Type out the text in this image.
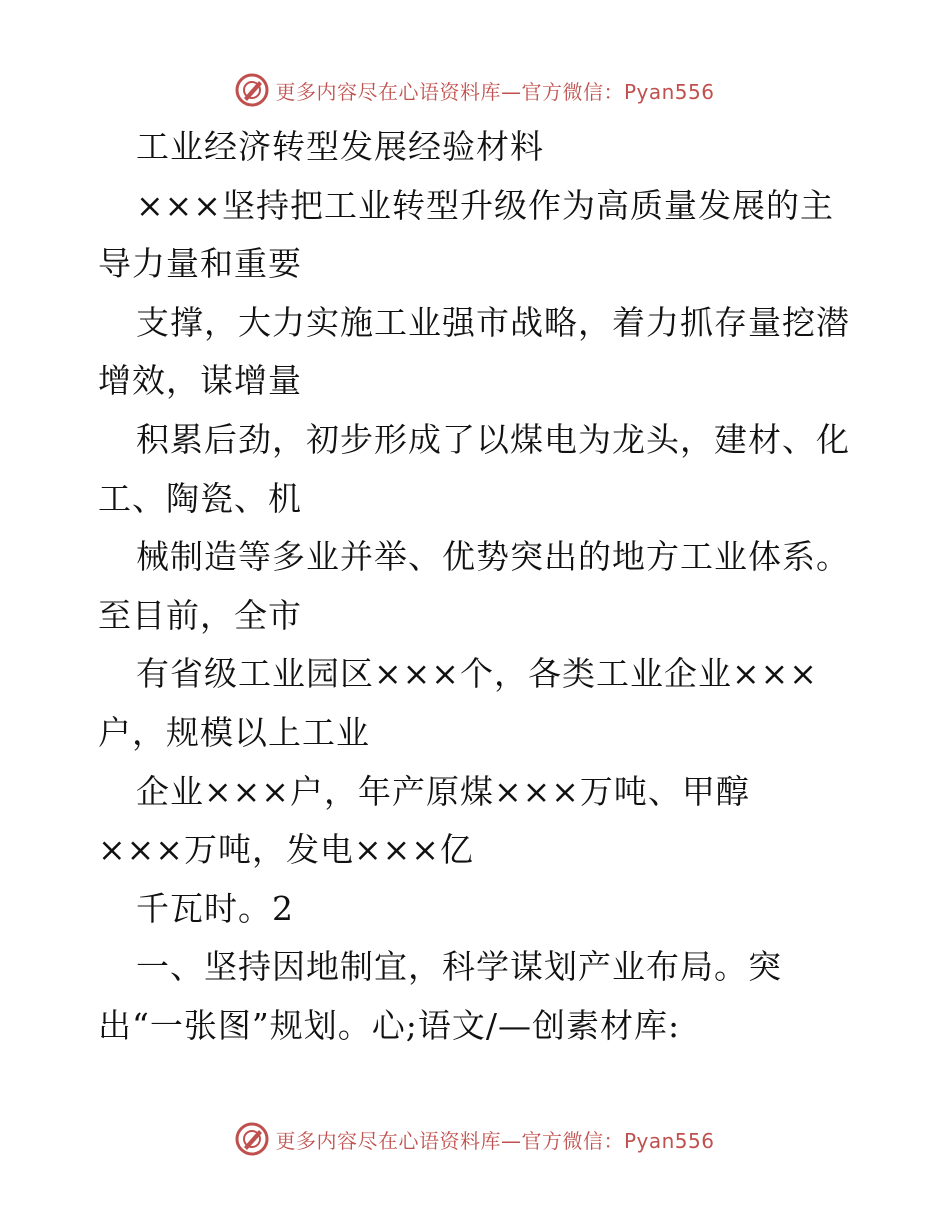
更多内容尽在心语资料库—官方微信：Pyan556
工业经济转型发展经验材料
×××坚持把工业转型升级作为高质量发展的主
导力量和重要
支撑，大力实施工业强市战略，着力抓存量挖潜
增效，谋增量
积累后劲，初步形成了以煤电为龙头，建材、化
工、陶瓷、机
械制造等多业并举、优势突出的地方工业体系。
至目前，全市
有省级工业园区×××个，各类工业企业×××
户，规模以上工业
企业×××户，年产原煤×××万吨、甲醇
×××万吨，发电×××亿
千瓦时。2
一、坚持因地制宜，科学谋划产业布局。突
出“一张图”规划。心;语文/—创素材库:
更多内容尽在心语资料库—官方微信：Pyan556
